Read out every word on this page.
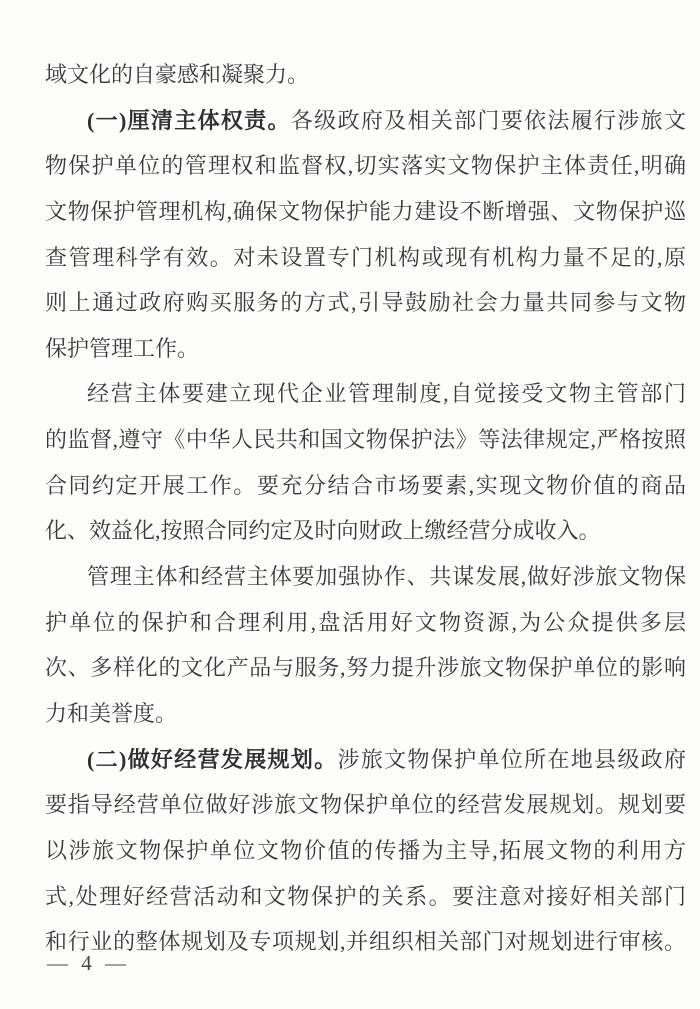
域文化的自豪感和凝聚力。
(一)厘清主体权责。各级政府及相关部门要依法履行涉旅文
物保护单位的管理权和监督权,切实落实文物保护主体责任,明确
文物保护管理机构,确保文物保护能力建设不断增强、文物保护巡
查管理科学有效。对未设置专门机构或现有机构力量不足的,原
则上通过政府购买服务的方式,引导鼓励社会力量共同参与文物
保护管理工作。
经营主体要建立现代企业管理制度,自觉接受文物主管部门
的监督,遵守《中华人民共和国文物保护法》等法律规定,严格按照
合同约定开展工作。要充分结合市场要素,实现文物价值的商品
化、效益化,按照合同约定及时向财政上缴经营分成收入。
管理主体和经营主体要加强协作、共谋发展,做好涉旅文物保
护单位的保护和合理利用,盘活用好文物资源,为公众提供多层
次、多样化的文化产品与服务,努力提升涉旅文物保护单位的影响
力和美誉度。
(二)做好经营发展规划。涉旅文物保护单位所在地县级政府
要指导经营单位做好涉旅文物保护单位的经营发展规划。规划要
以涉旅文物保护单位文物价值的传播为主导,拓展文物的利用方
式,处理好经营活动和文物保护的关系。要注意对接好相关部门
和行业的整体规划及专项规划,并组织相关部门对规划进行审核。
— 4 —
